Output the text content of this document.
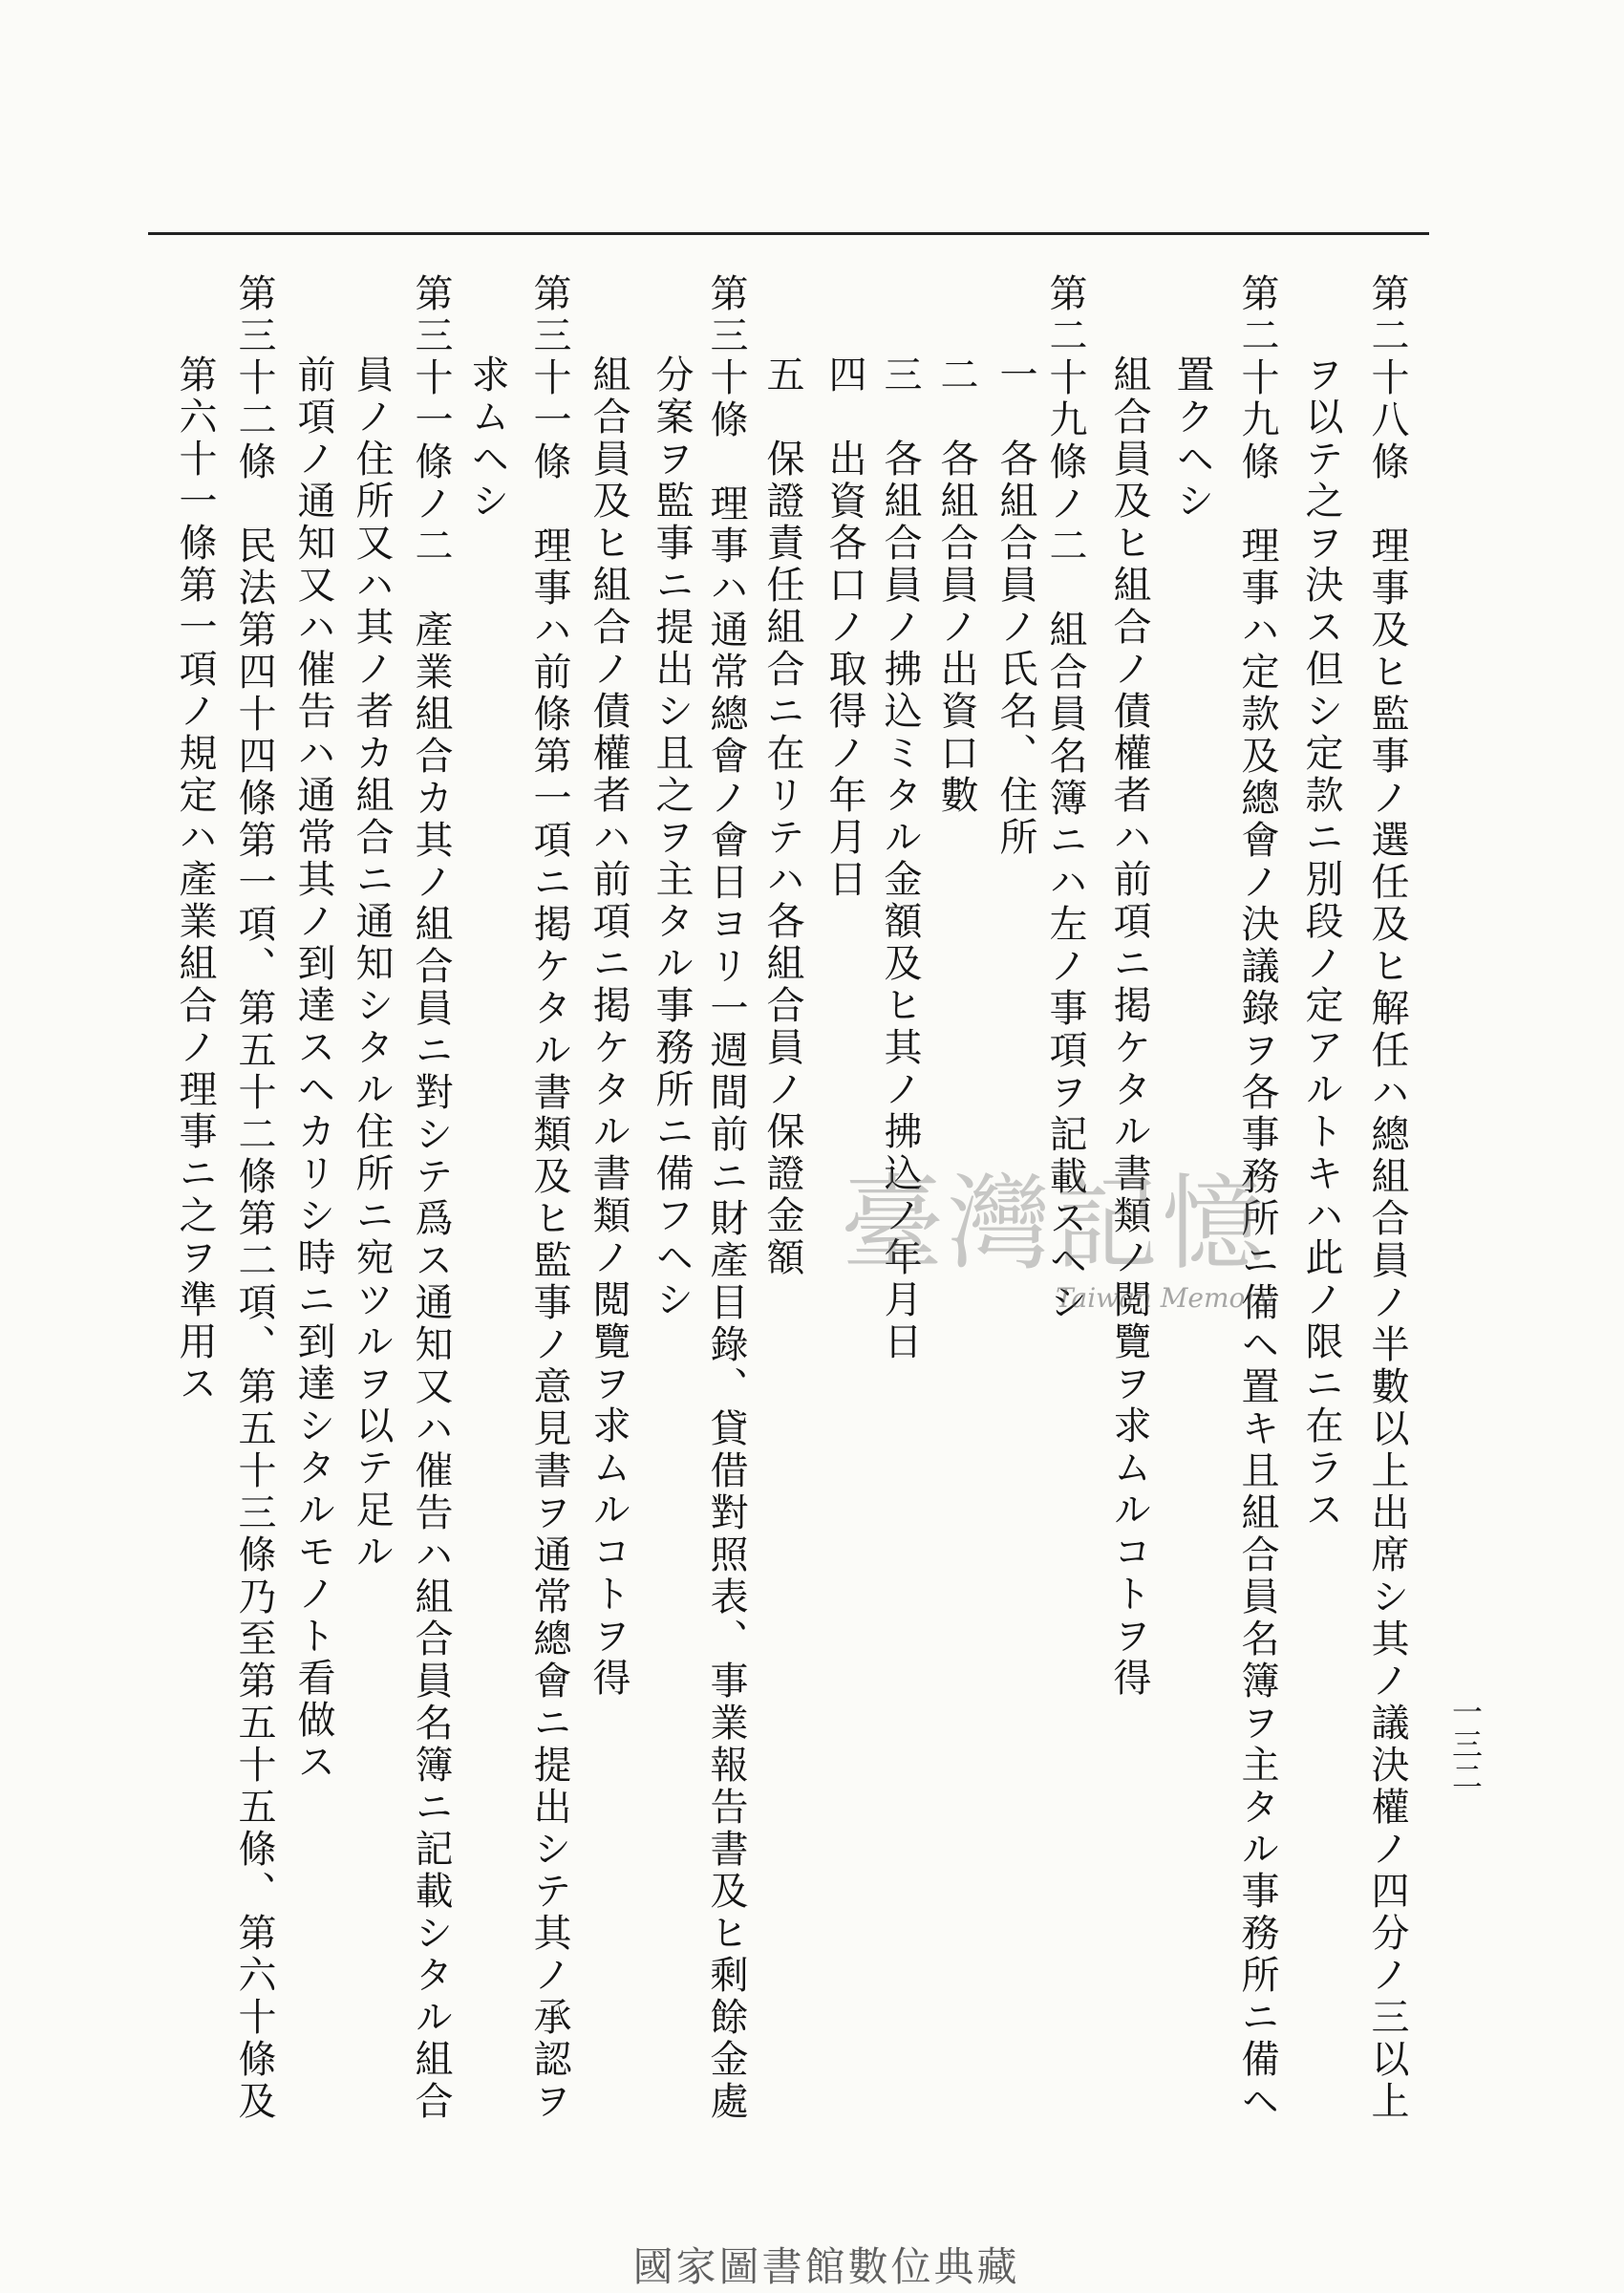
第二十八條　理事及ヒ監事ノ選任及ヒ解任ハ總組合員ノ半數以上出席シ其ノ議決權ノ四分ノ三以上
ヲ以テ之ヲ決ス但シ定款ニ別段ノ定アルトキハ此ノ限ニ在ラス
第二十九條　理事ハ定款及總會ノ決議錄ヲ各事務所ニ備ヘ置キ且組合員名簿ヲ主タル事務所ニ備ヘ
置クヘシ
組合員及ヒ組合ノ債權者ハ前項ニ掲ケタル書類ノ閲覽ヲ求ムルコトヲ得
第二十九條ノ二　組合員名簿ニハ左ノ事項ヲ記載スヘシ
一　各組合員ノ氏名、住所
二　各組合員ノ出資口數
三　各組合員ノ拂込ミタル金額及ヒ其ノ拂込ノ年月日
四　出資各口ノ取得ノ年月日
五　保證責任組合ニ在リテハ各組合員ノ保證金額
第三十條　理事ハ通常總會ノ會日ヨリ一週間前ニ財產目錄、貸借對照表、事業報告書及ヒ剩餘金處
分案ヲ監事ニ提出シ且之ヲ主タル事務所ニ備フヘシ
組合員及ヒ組合ノ債權者ハ前項ニ掲ケタル書類ノ閲覽ヲ求ムルコトヲ得
第三十一條　理事ハ前條第一項ニ掲ケタル書類及ヒ監事ノ意見書ヲ通常總會ニ提出シテ其ノ承認ヲ
求ムヘシ
第三十一條ノ二　產業組合カ其ノ組合員ニ對シテ爲ス通知又ハ催告ハ組合員名簿ニ記載シタル組合
員ノ住所又ハ其ノ者カ組合ニ通知シタル住所ニ宛ツルヲ以テ足ル
前項ノ通知又ハ催告ハ通常其ノ到達スヘカリシ時ニ到達シタルモノト看做ス
第三十二條　民法第四十四條第一項、第五十二條第二項、第五十三條乃至第五十五條、第六十條及
第六十一條第一項ノ規定ハ產業組合ノ理事ニ之ヲ準用ス
一三二
臺灣記憶
Taiwan Memory
國家圖書館數位典藏
